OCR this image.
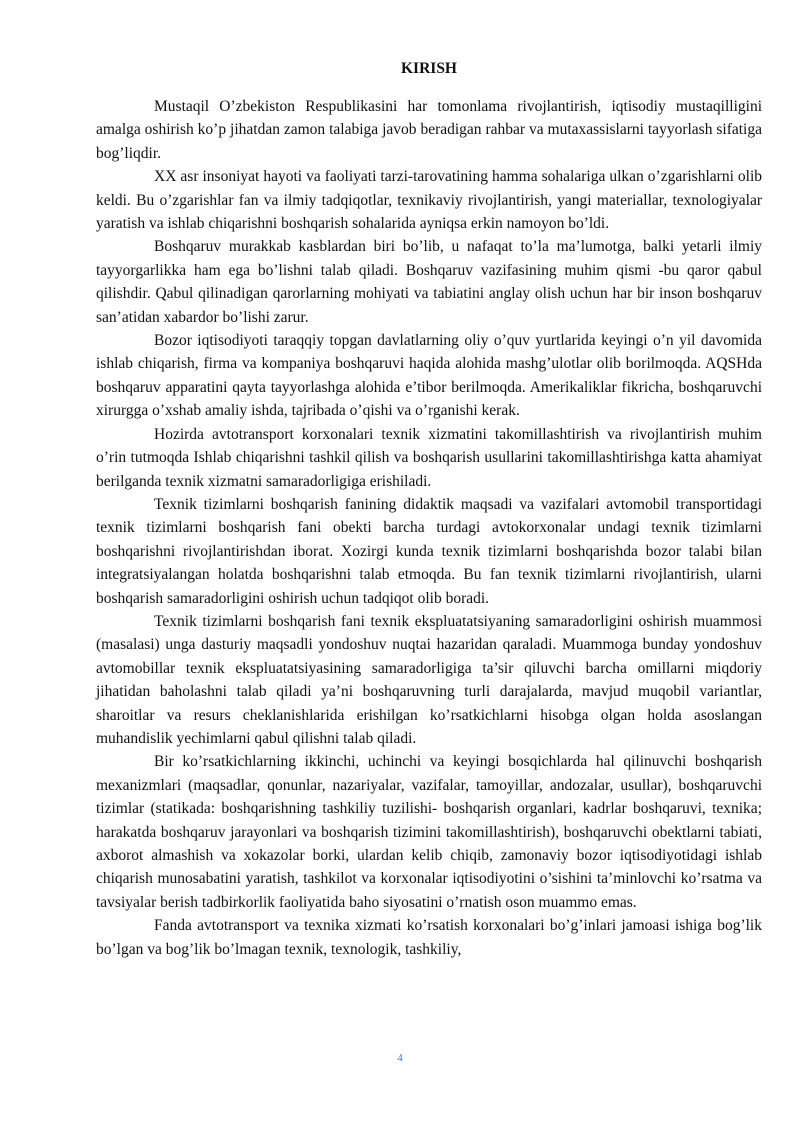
KIRISH

Mustaqil O’zbekiston Respublikasini har tomonlama rivojlantirish, iqtisodiy mustaqilligini amalga oshirish ko’p jihatdan zamon talabiga javob beradigan rahbar va mutaxassislarni tayyorlash sifatiga bog’liqdir.

XX asr insoniyat hayoti va faoliyati tarzi-tarovatining hamma sohalariga ulkan o’zgarishlarni olib keldi. Bu o’zgarishlar fan va ilmiy tadqiqotlar, texnikaviy rivojlantirish, yangi materiallar, texnologiyalar yaratish va ishlab chiqarishni boshqarish sohalarida ayniqsa erkin namoyon bo’ldi.

Boshqaruv murakkab kasblardan biri bo’lib, u nafaqat to’la ma’lumotga, balki yetarli ilmiy tayyorgarlikka ham ega bo’lishni talab qiladi. Boshqaruv vazifasining muhim qismi -bu qaror qabul qilishdir. Qabul qilinadigan qarorlarning mohiyati va tabiatini anglay olish uchun har bir inson boshqaruv san’atidan xabardor bo’lishi zarur.

Bozor iqtisodiyoti taraqqiy topgan davlatlarning oliy o’quv yurtlarida keyingi o’n yil davomida ishlab chiqarish, firma va kompaniya boshqaruvi haqida alohida mashg’ulotlar olib borilmoqda. AQSHda boshqaruv apparatini qayta tayyorlashga alohida e’tibor berilmoqda. Amerikaliklar fikricha, boshqaruvchi xirurgga o’xshab amaliy ishda, tajribada o’qishi va o’rganishi kerak.

Hozirda avtotransport korxonalari texnik xizmatini takomillashtirish va rivojlantirish muhim o’rin tutmoqda Ishlab chiqarishni tashkil qilish va boshqarish usullarini takomillashtirishga katta ahamiyat berilganda texnik xizmatni samaradorligiga erishiladi.

Texnik tizimlarni boshqarish fanining didaktik maqsadi va vazifalari avtomobil transportidagi texnik tizimlarni boshqarish fani obekti barcha turdagi avtokorxonalar undagi texnik tizimlarni boshqarishni rivojlantirishdan iborat. Xozirgi kunda texnik tizimlarni boshqarishda bozor talabi bilan integratsiyalangan holatda boshqarishni talab etmoqda. Bu fan texnik tizimlarni rivojlantirish, ularni boshqarish samaradorligini oshirish uchun tadqiqot olib boradi.

Texnik tizimlarni boshqarish fani texnik ekspluatatsiyaning samaradorligini oshirish muammosi (masalasi) unga dasturiy maqsadli yondoshuv nuqtai hazaridan qaraladi. Muammoga bunday yondoshuv avtomobillar texnik ekspluatatsiyasining samaradorligiga ta’sir qiluvchi barcha omillarni miqdoriy jihatidan baholashni talab qiladi ya’ni boshqaruvning turli darajalarda, mavjud muqobil variantlar, sharoitlar va resurs cheklanishlarida erishilgan ko’rsatkichlarni hisobga olgan holda asoslangan muhandislik yechimlarni qabul qilishni talab qiladi.

Bir ko’rsatkichlarning ikkinchi, uchinchi va keyingi bosqichlarda hal qilinuvchi boshqarish mexanizmlari (maqsadlar, qonunlar, nazariyalar, vazifalar, tamoyillar, andozalar, usullar), boshqaruvchi tizimlar (statikada: boshqarishning tashkiliy tuzilishi- boshqarish organlari, kadrlar boshqaruvi, texnika; harakatda boshqaruv jarayonlari va boshqarish tizimini takomillashtirish), boshqaruvchi obektlarni tabiati, axborot almashish va xokazolar borki, ulardan kelib chiqib, zamonaviy bozor iqtisodiyotidagi ishlab chiqarish munosabatini yaratish, tashkilot va korxonalar iqtisodiyotini o’sishini ta’minlovchi ko’rsatma va tavsiyalar berish tadbirkorlik faoliyatida baho siyosatini o’rnatish oson muammo emas.

Fanda avtotransport va texnika xizmati ko’rsatish korxonalari bo’g’inlari jamoasi ishiga bog’lik bo’lgan va bog’lik bo’lmagan texnik, texnologik, tashkiliy,

4
